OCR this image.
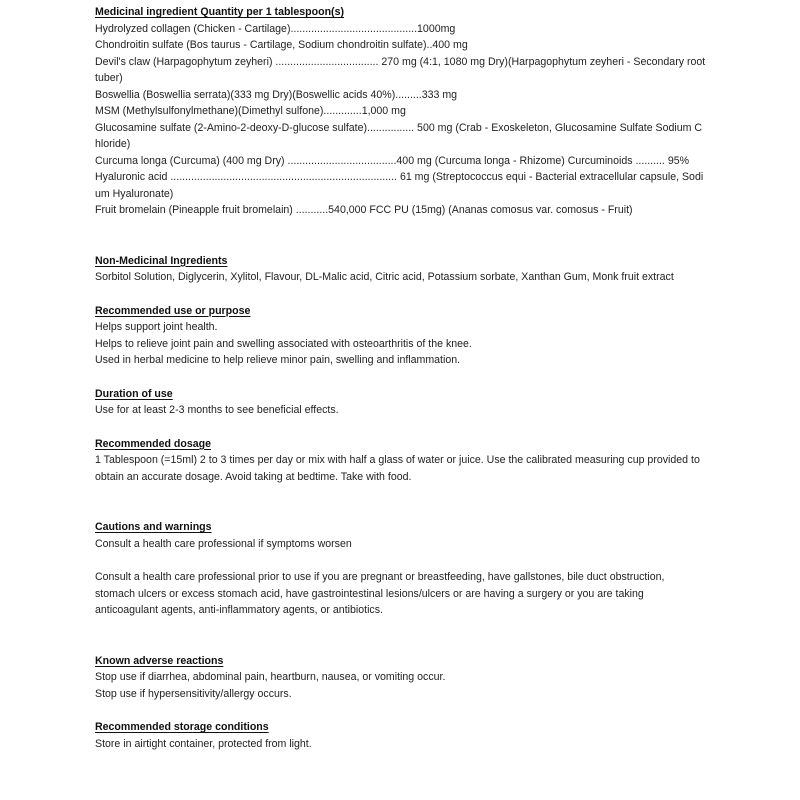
Medicinal ingredient Quantity per 1 tablespoon(s)
Hydrolyzed collagen (Chicken - Cartilage)...........................................1000mg
Chondroitin sulfate (Bos taurus - Cartilage, Sodium chondroitin sulfate)..400 mg
Devil's claw (Harpagophytum zeyheri) ................................... 270 mg (4:1, 1080 mg Dry)(Harpagophytum zeyheri - Secondary root tuber)
Boswellia (Boswellia serrata)(333 mg Dry)(Boswellic acids 40%).........333 mg
MSM (Methylsulfonylmethane)(Dimethyl sulfone).............1,000 mg
Glucosamine sulfate (2-Amino-2-deoxy-D-glucose sulfate)................ 500 mg (Crab - Exoskeleton, Glucosamine Sulfate Sodium Chloride)
Curcuma longa (Curcuma) (400 mg Dry) .....................................400 mg (Curcuma longa - Rhizome) Curcuminoids .......... 95%
Hyaluronic acid ............................................................................. 61 mg (Streptococcus equi - Bacterial extracellular capsule, Sodium Hyaluronate)
Fruit bromelain (Pineapple fruit bromelain) ...........540,000 FCC PU (15mg) (Ananas comosus var. comosus - Fruit)
Non-Medicinal Ingredients
Sorbitol Solution, Diglycerin, Xylitol, Flavour, DL-Malic acid, Citric acid, Potassium sorbate, Xanthan Gum, Monk fruit extract
Recommended use or purpose
Helps support joint health.
Helps to relieve joint pain and swelling associated with osteoarthritis of the knee.
Used in herbal medicine to help relieve minor pain, swelling and inflammation.
Duration of use
Use for at least 2-3 months to see beneficial effects.
Recommended dosage
1 Tablespoon (=15ml) 2 to 3 times per day or mix with half a glass of water or juice. Use the calibrated measuring cup provided to obtain an accurate dosage. Avoid taking at bedtime. Take with food.
Cautions and warnings
Consult a health care professional if symptoms worsen
Consult a health care professional prior to use if you are pregnant or breastfeeding, have gallstones, bile duct obstruction, stomach ulcers or excess stomach acid, have gastrointestinal lesions/ulcers or are having a surgery or you are taking anticoagulant agents, anti-inflammatory agents, or antibiotics.
Known adverse reactions
Stop use if diarrhea, abdominal pain, heartburn, nausea, or vomiting occur.
Stop use if hypersensitivity/allergy occurs.
Recommended storage conditions
Store in airtight container, protected from light.
